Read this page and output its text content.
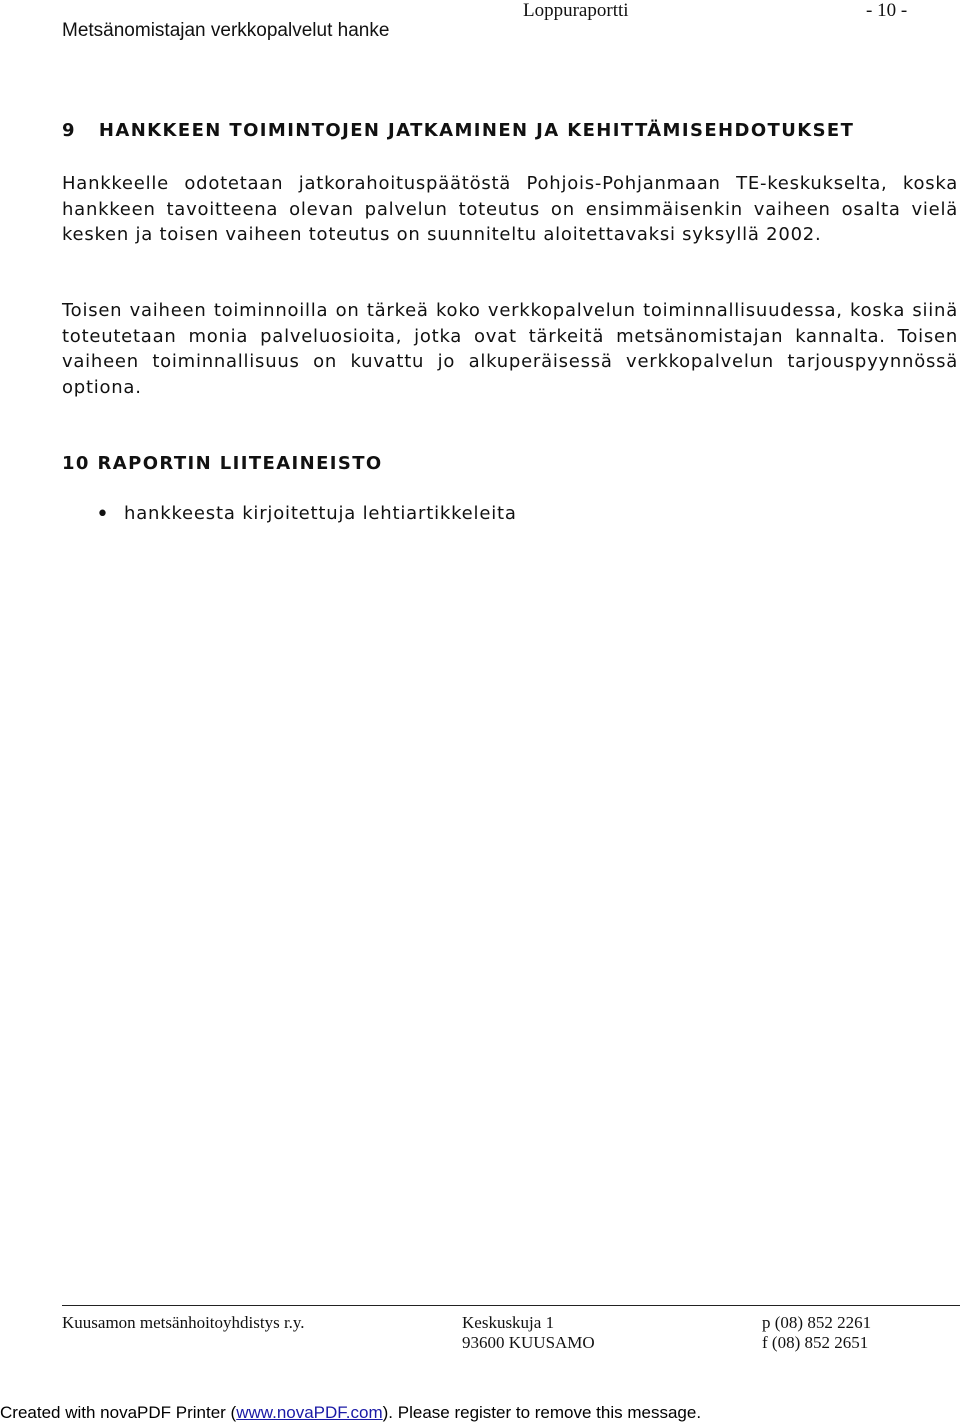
Metsänomistajan verkkopalvelut hanke
Loppuraportti	- 10 -
9   HANKKEEN TOIMINTOJEN JATKAMINEN JA KEHITTÄMISEHDOTUKSET

Hankkeelle odotetaan jatkorahoituspäätöstä Pohjois-Pohjanmaan TE-keskukselta, koska hankkeen tavoitteena olevan palvelun toteutus on ensimmäisenkin vaiheen osalta vielä kesken ja toisen vaiheen toteutus on suunniteltu aloitettavaksi syksyllä 2002.

Toisen vaiheen toiminnoilla on tärkeä koko verkkopalvelun toiminnallisuudessa, koska siinä toteutetaan monia palveluosioita, jotka ovat tärkeitä metsänomistajan kannalta. Toisen vaiheen toiminnallisuus on kuvattu jo alkuperäisessä verkkopalvelun tarjouspyynnössä optiona.

10 RAPORTIN LIITEAINEISTO
• hankkeesta kirjoitettuja lehtiartikkeleita
Kuusamon metsänhoitoyhdistys r.y.	Keskuskuja 1
93600 KUUSAMO
p (08) 852 2261
f (08) 852 2651
Created with novaPDF Printer (www.novaPDF.com). Please register to remove this message.
